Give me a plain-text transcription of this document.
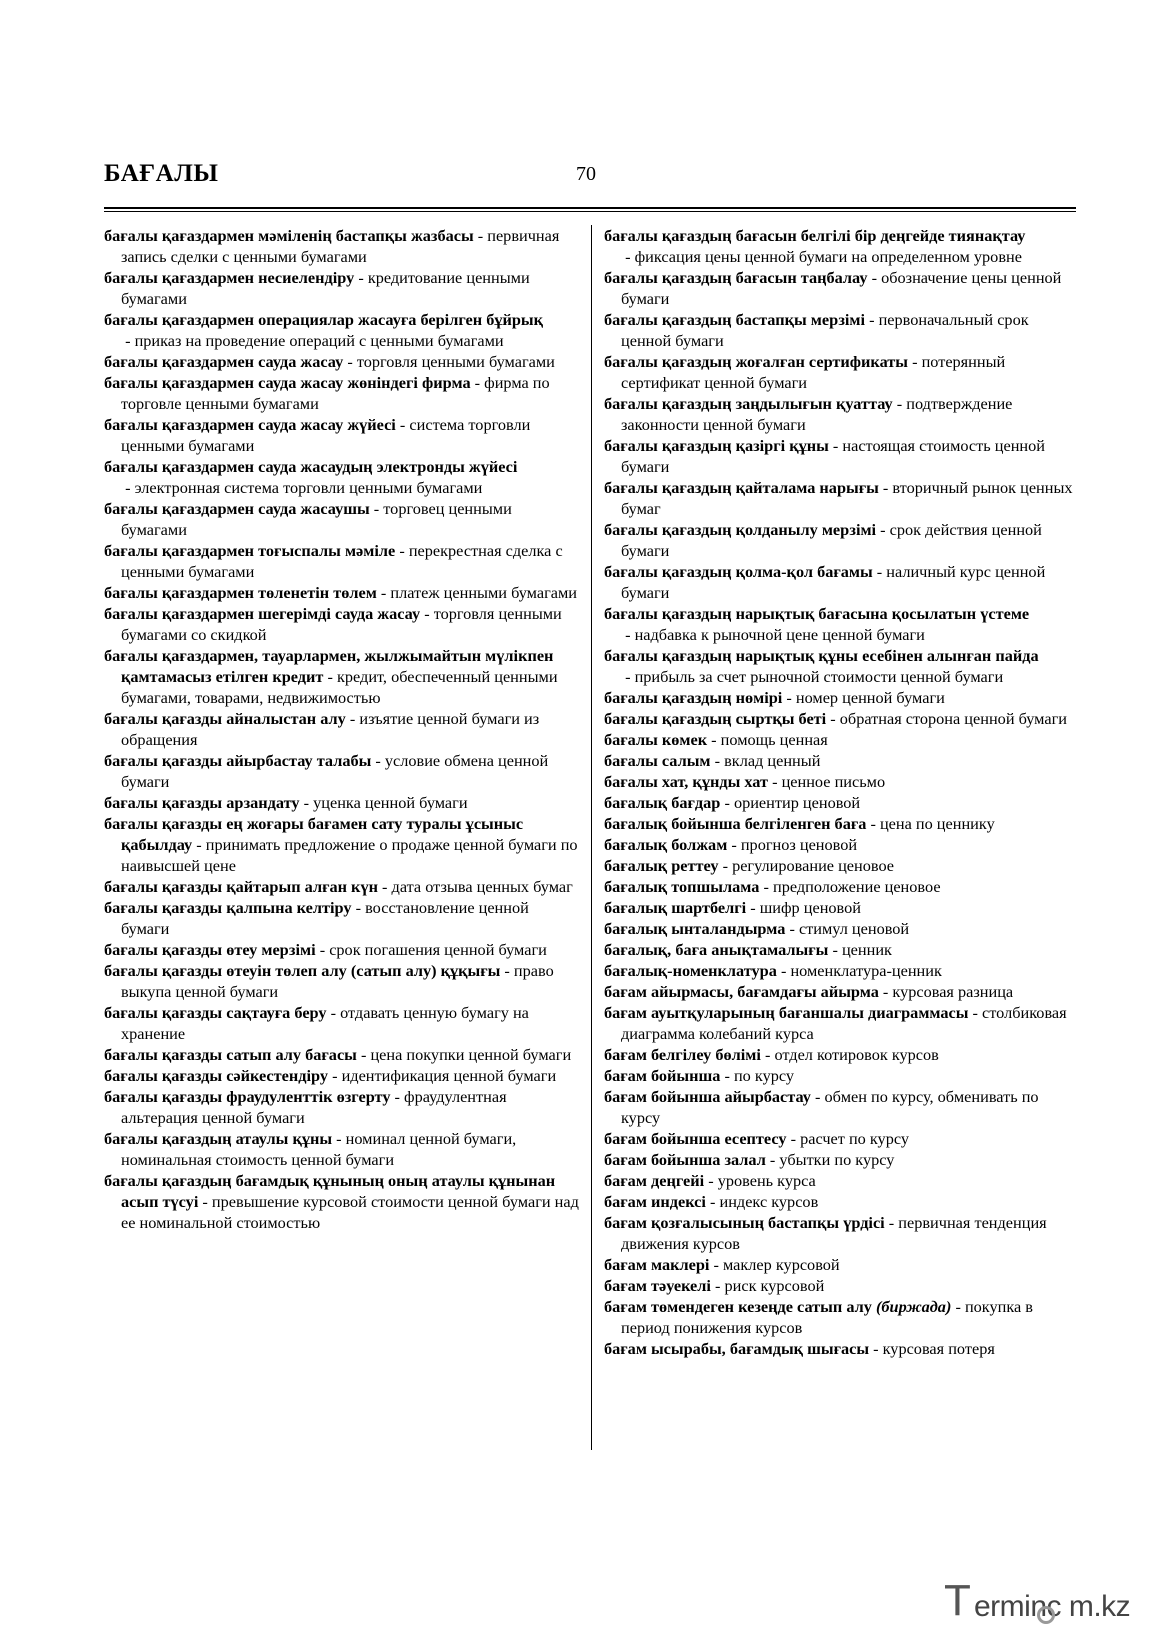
БАҒАЛЫ	70
бағалы қағаздармен мәміленің бастапқы жазбасы - первичная запись сделки с ценными бумагами
бағалы қағаздармен несиелендіру - кредитование ценными бумагами
бағалы қағаздармен операциялар жасауға берілген бұйрық - приказ на проведение операций с ценными бумагами
бағалы қағаздармен сауда жасау - торговля ценными бумагами
бағалы қағаздармен сауда жасау жөніндегі фирма - фирма по торговле ценными бумагами
бағалы қағаздармен сауда жасау жүйесі - система торговли ценными бумагами
бағалы қағаздармен сауда жасаудың электронды жүйесі - электронная система торговли ценными бумагами
бағалы қағаздармен сауда жасаушы - торговец ценными бумагами
бағалы қағаздармен тоғыспалы мәміле - перекрестная сделка с ценными бумагами
бағалы қағаздармен төленетін төлем - платеж ценными бумагами
бағалы қағаздармен шегерімді сауда жасау - торговля ценными бумагами со скидкой
бағалы қағаздармен, тауарлармен, жылжымайтын мүлікпен қамтамасыз етілген кредит - кредит, обеспеченный ценными бумагами, товарами, недвижимостью
бағалы қағазды айналыстан алу - изъятие ценной бумаги из обращения
бағалы қағазды айырбастау талабы - условие обмена ценной бумаги
бағалы қағазды арзандату - уценка ценной бумаги
бағалы қағазды ең жоғары бағамен сату туралы ұсыныс қабылдау - принимать предложение о продаже ценной бумаги по наивысшей цене
бағалы қағазды қайтарып алған күн - дата отзыва ценных бумаг
бағалы қағазды қалпына келтіру - восстановление ценной бумаги
бағалы қағазды өтеу мерзімі - срок погашения ценной бумаги
бағалы қағазды өтеуін төлеп алу (сатып алу) құқығы - право выкупа ценной бумаги
бағалы қағазды сақтауға беру - отдавать ценную бумагу на хранение
бағалы қағазды сатып алу бағасы - цена покупки ценной бумаги
бағалы қағазды сәйкестендіру - идентификация ценной бумаги
бағалы қағазды фраудуленттік өзгерту - фраудулентная альтерация ценной бумаги
бағалы қағаздың атаулы құны - номинал ценной бумаги, номинальная стоимость ценной бумаги
бағалы қағаздың бағамдық құнының оның атаулы құнынан асып түсуі - превышение курсовой стоимости ценной бумаги над ее номинальной стоимостью
бағалы қағаздың бағасын белгілі бір деңгейде тиянақтау - фиксация цены ценной бумаги на определенном уровне
бағалы қағаздың бағасын таңбалау - обозначение цены ценной бумаги
бағалы қағаздың бастапқы мерзімі - первоначальный срок ценной бумаги
бағалы қағаздың жоғалған сертификаты - потерянный сертификат ценной бумаги
бағалы қағаздың заңдылығын қуаттау - подтверждение законности ценной бумаги
бағалы қағаздың қазіргі құны - настоящая стоимость ценной бумаги
бағалы қағаздың қайталама нарығы - вторичный рынок ценных бумаг
бағалы қағаздың қолданылу мерзімі - срок действия ценной бумаги
бағалы қағаздың қолма-қол бағамы - наличный курс ценной бумаги
бағалы қағаздың нарықтық бағасына қосылатын үстеме - надбавка к рыночной цене ценной бумаги
бағалы қағаздың нарықтық құны есебінен алынған пайда - прибыль за счет рыночной стоимости ценной бумаги
бағалы қағаздың нөмірі - номер ценной бумаги
бағалы қағаздың сыртқы беті - обратная сторона ценной бумаги
бағалы көмек - помощь ценная
бағалы салым - вклад ценный
бағалы хат, құнды хат - ценное письмо
бағалық бағдар - ориентир ценовой
бағалық бойынша белгіленген баға - цена по ценнику
бағалық болжам - прогноз ценовой
бағалық реттеу - регулирование ценовое
бағалық топшылама - предположение ценовое
бағалық шартбелгі - шифр ценовой
бағалық ынталандырма - стимул ценовой
бағалық, баға анықтамалығы - ценник
бағалық-номенклатура - номенклатура-ценник
бағам айырмасы, бағамдағы айырма - курсовая разница
бағам ауытқуларының бағаншалы диаграммасы - столбиковая диаграмма колебаний курса
бағам белгілеу бөлімі - отдел котировок курсов
бағам бойынша - по курсу
бағам бойынша айырбастау - обмен по курсу, обменивать по курсу
бағам бойынша есептесу - расчет по курсу
бағам бойынша залал - убытки по курсу
бағам деңгейі - уровень курса
бағам индексі - индекс курсов
бағам қозғалысының бастапқы үрдісі - первичная тенденция движения курсов
бағам маклері - маклер курсовой
бағам тәуекелі - риск курсовой
бағам төмендеген кезеңде сатып алу (биржада) - покупка в период понижения курсов
бағам ысырабы, бағамдық шығасы - курсовая потеря
T erminc m.kz
